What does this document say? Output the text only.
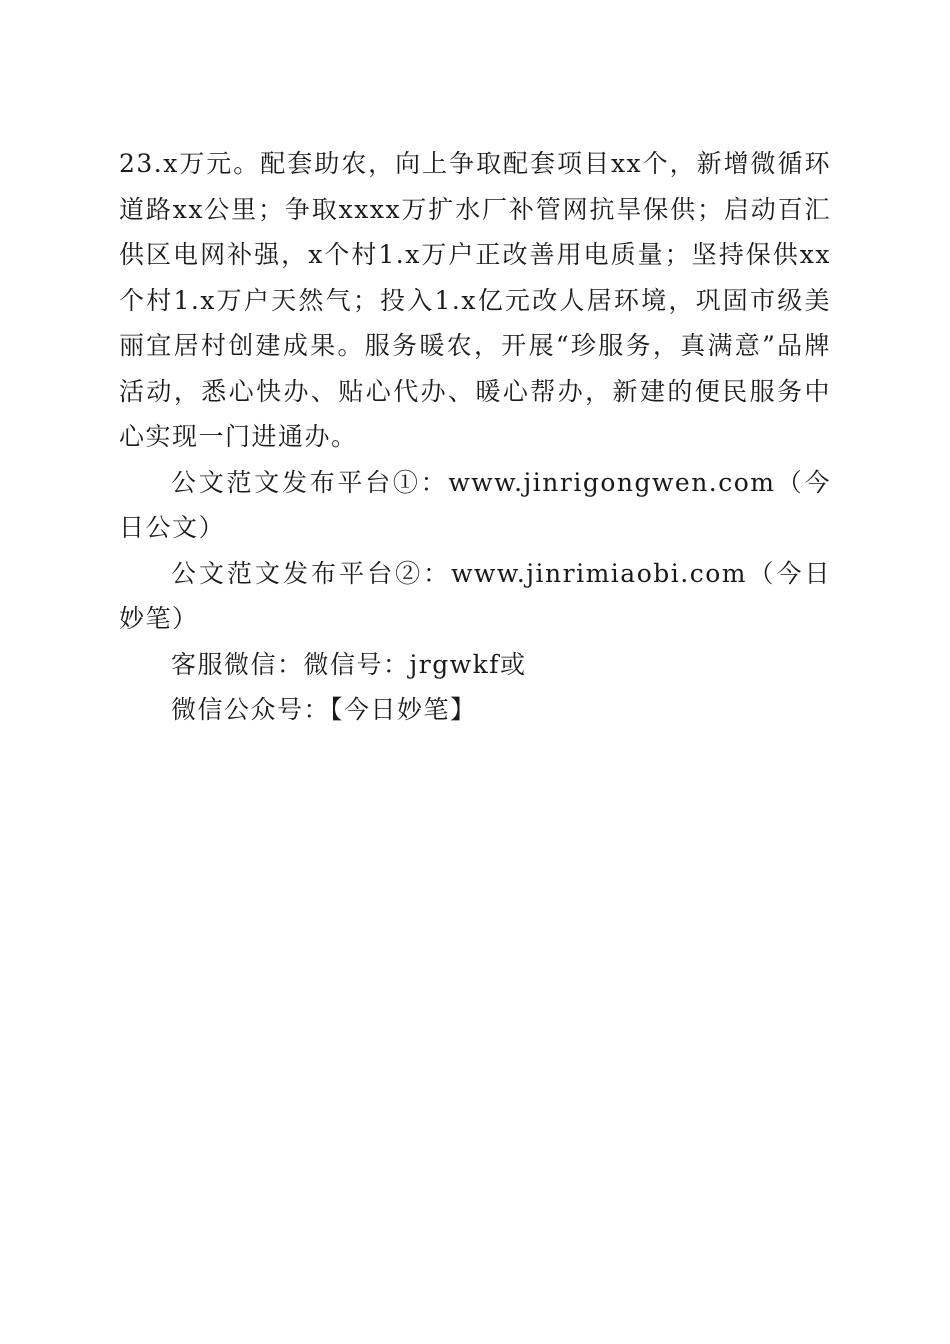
23.x万元。配套助农，向上争取配套项目xx个，新增微循环道路xx公里；争取xxxx万扩水厂补管网抗旱保供；启动百汇供区电网补强，x个村1.x万户正改善用电质量；坚持保供xx个村1.x万户天然气；投入1.x亿元改人居环境，巩固市级美丽宜居村创建成果。服务暖农，开展“珍服务，真满意”品牌活动，悉心快办、贴心代办、暖心帮办，新建的便民服务中心实现一门进通办。

公文范文发布平台①：www.jinrigongwen.com（今日公文）

公文范文发布平台②：www.jinrimiaobi.com（今日妙笔）

客服微信：微信号：jrgwkf或

微信公众号：【今日妙笔】
